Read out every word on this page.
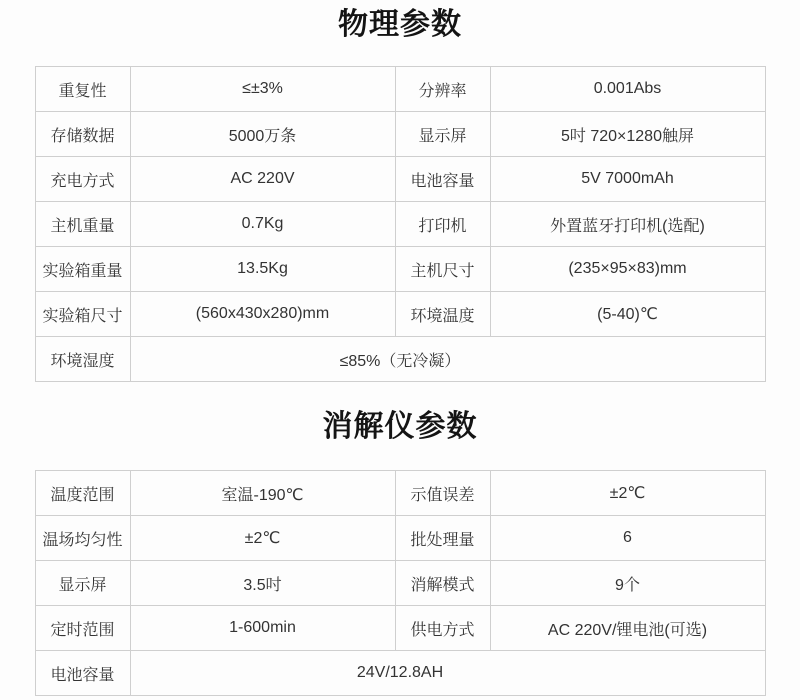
物理参数
重复性	≤±3%	分辨率	0.001Abs
存储数据	5000万条	显示屏	5吋 720×1280触屏
充电方式	AC 220V	电池容量	5V 7000mAh
主机重量	0.7Kg	打印机	外置蓝牙打印机(选配)
实验箱重量	13.5Kg	主机尺寸	(235×95×83)mm
实验箱尺寸	(560x430x280)mm	环境温度	(5-40)℃
环境湿度	≤85%（无冷凝）		
消解仪参数
温度范围	室温-190℃	示值误差	±2℃
温场均匀性	±2℃	批处理量	6
显示屏	3.5吋	消解模式	9个
定时范围	1-600min	供电方式	AC 220V/锂电池(可选)
电池容量	24V/12.8AH		
